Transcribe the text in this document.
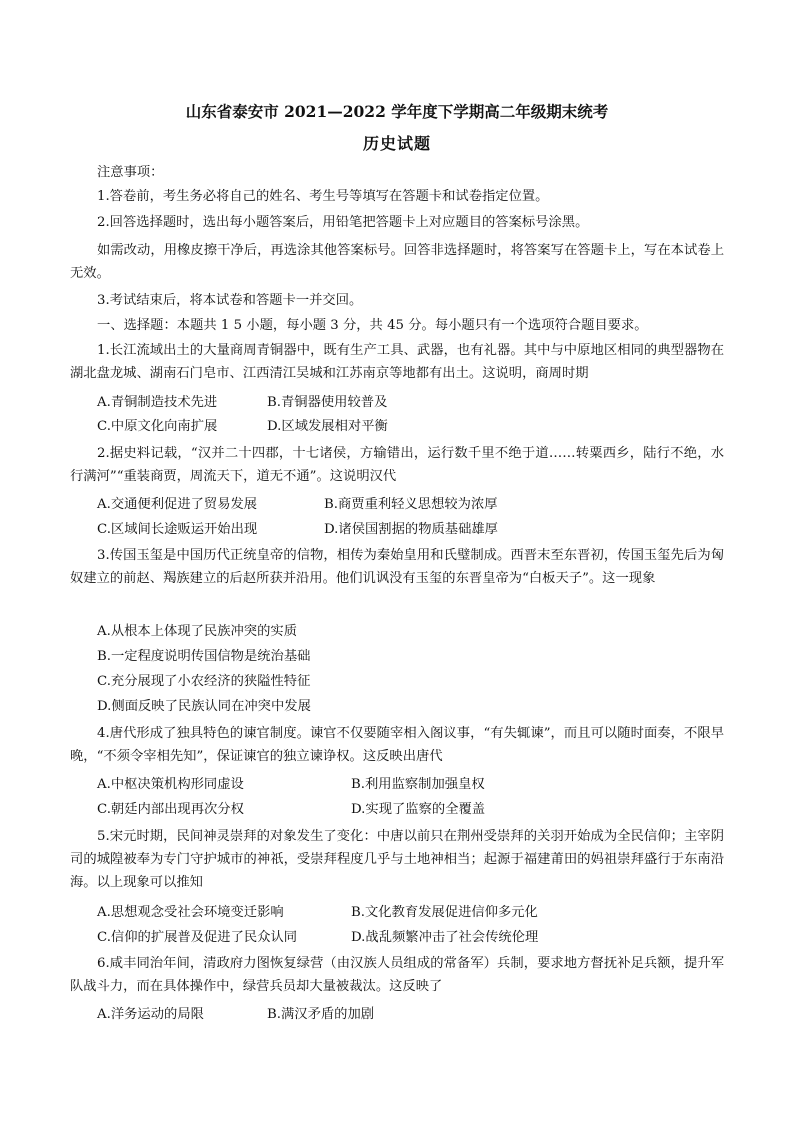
山东省泰安市 2021—2022 学年度下学期高二年级期末统考
历史试题
注意事项：
1.答卷前，考生务必将自己的姓名、考生号等填写在答题卡和试卷指定位置。
2.回答选择题时，选出每小题答案后，用铅笔把答题卡上对应题目的答案标号涂黑。
如需改动，用橡皮擦干净后，再选涂其他答案标号。回答非选择题时，将答案写在答题卡上，写在本试卷上无效。
3.考试结束后，将本试卷和答题卡一并交回。
一、选择题：本题共 1 5 小题，每小题 3 分，共 45 分。每小题只有一个选项符合题目要求。
1.长江流域出土的大量商周青铜器中，既有生产工具、武器，也有礼器。其中与中原地区相同的典型器物在湖北盘龙城、湖南石门皂市、江西清江吴城和江苏南京等地都有出土。这说明，商周时期
A.青铜制造技术先进	B.青铜器使用较普及
C.中原文化向南扩展	D.区域发展相对平衡
2.据史料记载，“汉并二十四郡，十七诸侯，方输错出，运行数千里不绝于道……转粟西乡，陆行不绝，水行满河”“重装商贾，周流天下，道无不通”。这说明汉代
A.交通便利促进了贸易发展	B.商贾重利轻义思想较为浓厚
C.区域间长途贩运开始出现	D.诸侯国割据的物质基础雄厚
3.传国玉玺是中国历代正统皇帝的信物，相传为秦始皇用和氏璧制成。西晋末至东晋初，传国玉玺先后为匈奴建立的前赵、羯族建立的后赵所获并沿用。他们讥讽没有玉玺的东晋皇帝为“白板天子”。这一现象
A.从根本上体现了民族冲突的实质
B.一定程度说明传国信物是统治基础
C.充分展现了小农经济的狭隘性特征
D.侧面反映了民族认同在冲突中发展
4.唐代形成了独具特色的谏官制度。谏官不仅要随宰相入阁议事，“有失辄谏”，而且可以随时面奏，不限早晚，“不须令宰相先知”，保证谏官的独立谏诤权。这反映出唐代
A.中枢决策机构形同虚设	B.利用监察制加强皇权
C.朝廷内部出现再次分权	D.实现了监察的全覆盖
5.宋元时期，民间神灵崇拜的对象发生了变化：中唐以前只在荆州受崇拜的关羽开始成为全民信仰；主宰阴司的城隍被奉为专门守护城市的神祇，受崇拜程度几乎与土地神相当；起源于福建莆田的妈祖崇拜盛行于东南沿海。以上现象可以推知
A.思想观念受社会环境变迁影响	B.文化教育发展促进信仰多元化
C.信仰的扩展普及促进了民众认同	D.战乱频繁冲击了社会传统伦理
6.咸丰同治年间，清政府力图恢复绿营（由汉族人员组成的常备军）兵制，要求地方督抚补足兵额，提升军队战斗力，而在具体操作中，绿营兵员却大量被裁汰。这反映了
A.洋务运动的局限	B.满汉矛盾的加剧
